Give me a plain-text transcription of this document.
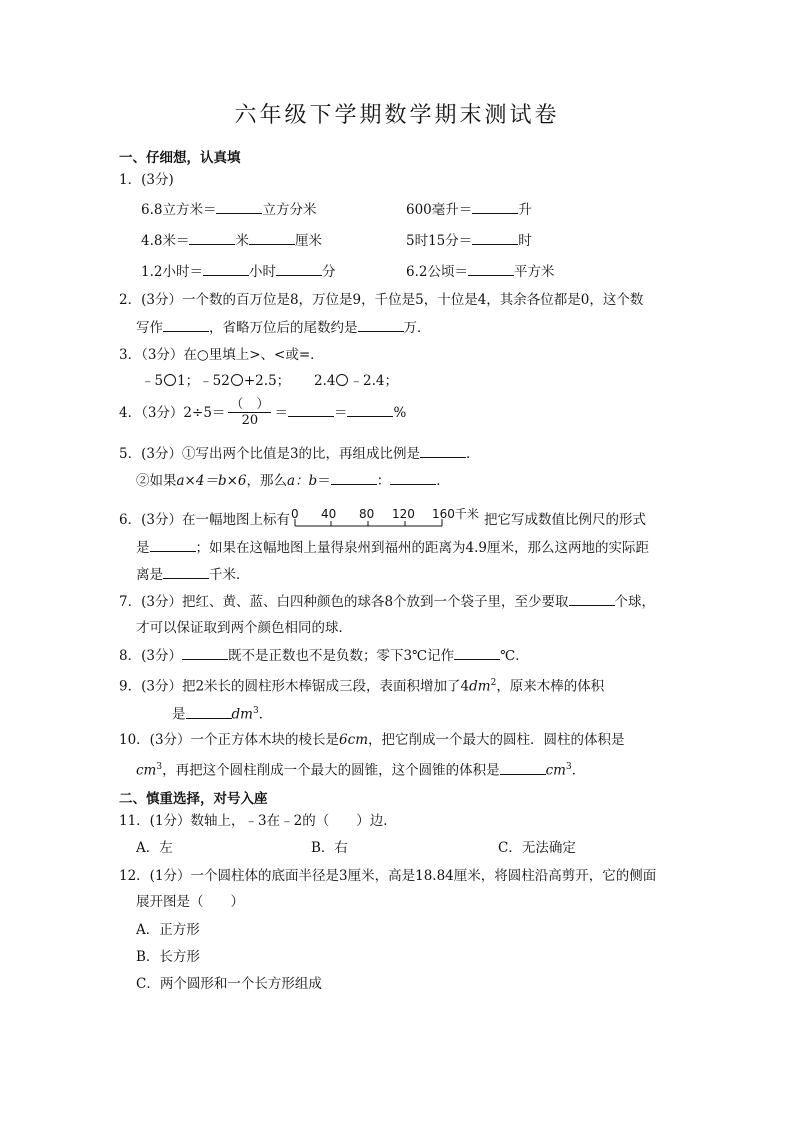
六年级下学期数学期末测试卷
一、仔细想，认真填
1．(3分)
6.8立方米＝	立方分米	600毫升＝	升
4.8米＝	米	厘米	5时15分＝	时
1.2小时＝	小时	分	6.2公顷＝	平方米
2．(3分）一个数的百万位是8，万位是9，千位是5，十位是4，其余各位都是0，这个数
写作	，省略万位后的尾数约是	万．
3．（3分）在○里填上>、<或=．
﹣5 1；﹣52 +2.5； 2.4 ﹣2.4；
4．（3分）$2\div 5= \frac{( )}{20}$ ＝	＝	%
5．(3分）①写出两个比值是3的比，再组成比例是	．
②如果a×4＝b×6，那么a：b＝	：	．
6．(3分）在一幅地图上标有 0 40 80 120 160千米 把它写成数值比例尺的形式
是	；如果在这幅地图上量得泉州到福州的距离为4.9厘米，那么这两地的实际距
离是	千米．
7．(3分）把红、黄、蓝、白四种颜色的球各8个放到一个袋子里，至少要取	个球，
才可以保证取到两个颜色相同的球．
8．(3分）	既不是正数也不是负数；零下3℃记作	℃．
9．(3分）把2米长的圆柱形木棒锯成三段，表面积增加了$4dm^2$，原来木棒的体积
是	$dm^3$．
10．(3分）一个正方体木块的棱长是6cm，把它削成一个最大的圆柱．圆柱的体积是
$cm^3$，再把这个圆柱削成一个最大的圆锥，这个圆锥的体积是	$cm^3$．
二、慎重选择，对号入座
11．(1分）数轴上，﹣3在﹣2的（　　）边．
A．左	B．右	C．无法确定
12．(1分）一个圆柱体的底面半径是3厘米，高是18.84厘米，将圆柱沿高剪开，它的侧面
展开图是（　　）
A．正方形
B．长方形
C．两个圆形和一个长方形组成
